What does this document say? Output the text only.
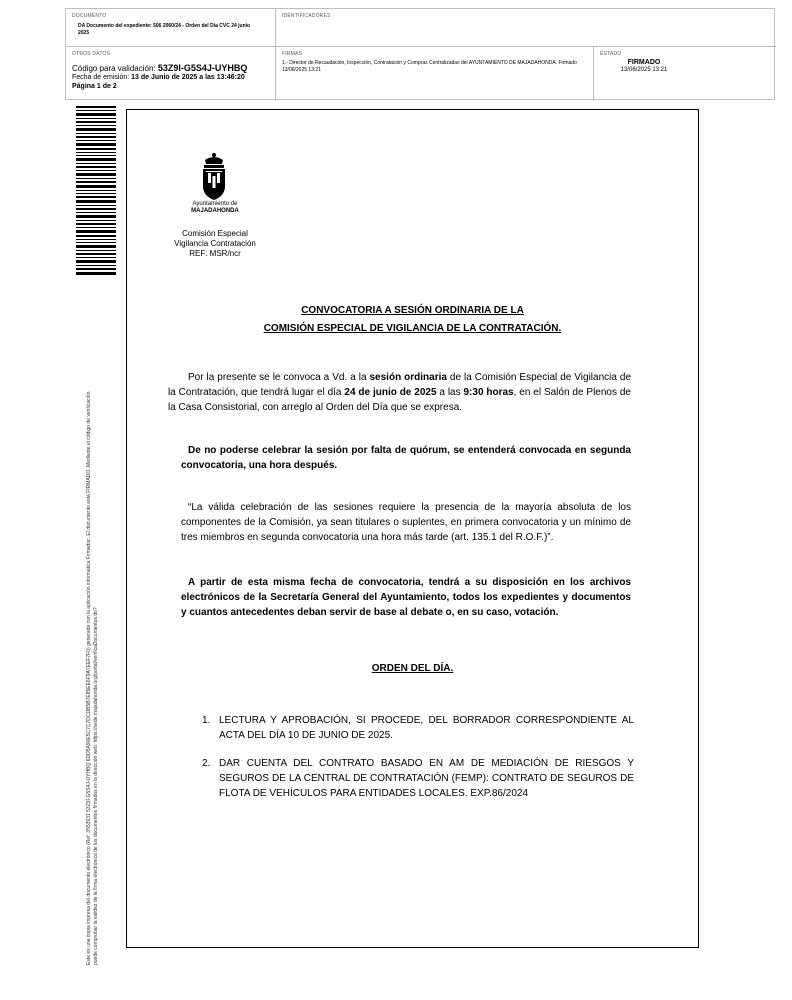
DOCUMENTO
DA Documento del expediente: 506 2060/24 - Orden del Día CVC 24 junio 2025
IDENTIFICADORES
OTROS DATOS
Código para validación: 53Z9I-G5S4J-UYHBQ
Fecha de emisión: 13 de Junio de 2025 a las 13:46:20
Página 1 de 2
FIRMAS
1.- Director de Recaudación, Inspección, Contratación y Compras Centralizadas del AYUNTAMIENTO DE MAJADAHONDA. Firmado 13/06/2025 13:21
ESTADO
FIRMADO
13/06/2025 13:21
Este es una copia impresa del documento electrónico (Ref: 3553931 53Z9I-G5S4J-UYHBQ 6DD5A90E5C7C7DCDB5B7E85EE6F9A7EEF7F0) generada con la aplicación informática Firmadoc. El documento está FIRMADO. Mediante el código de verificación puede comprobar la validez de la firma electrónica de los documentos firmados en la dirección web: https://sede.majadahonda.org/portal/verificaDocumentos.do?
Ayuntamiento de
MAJADAHONDA
Comisión Especial
Vigilancia Contratación
REF: MSR/ncr
CONVOCATORIA A SESIÓN ORDINARIA DE LA
COMISIÓN ESPECIAL DE VIGILANCIA DE LA CONTRATACIÓN.
Por la presente se le convoca a Vd. a la sesión ordinaria de la Comisión Especial de Vigilancia de la Contratación, que tendrá lugar el día 24 de junio de 2025 a las 9:30 horas, en el Salón de Plenos de la Casa Consistorial, con arreglo al Orden del Día que se expresa.
De no poderse celebrar la sesión por falta de quórum, se entenderá convocada en segunda convocatoria, una hora después.
“La válida celebración de las sesiones requiere la presencia de la mayoría absoluta de los componentes de la Comisión, ya sean titulares o suplentes, en primera convocatoria y un mínimo de tres miembros en segunda convocatoria una hora más tarde (art. 135.1 del R.O.F.)”.
A partir de esta misma fecha de convocatoria, tendrá a su disposición en los archivos electrónicos de la Secretaría General del Ayuntamiento, todos los expedientes y documentos y cuantos antecedentes deban servir de base al debate o, en su caso, votación.
ORDEN DEL DÍA.
1. LECTURA Y APROBACIÓN, SI PROCEDE, DEL BORRADOR CORRESPONDIENTE AL ACTA DEL DÍA 10 DE JUNIO DE 2025.
2. DAR CUENTA DEL CONTRATO BASADO EN AM DE MEDIACIÓN DE RIESGOS Y SEGUROS DE LA CENTRAL DE CONTRATACIÓN (FEMP): CONTRATO DE SEGUROS DE FLOTA DE VEHÍCULOS PARA ENTIDADES LOCALES. EXP.86/2024
